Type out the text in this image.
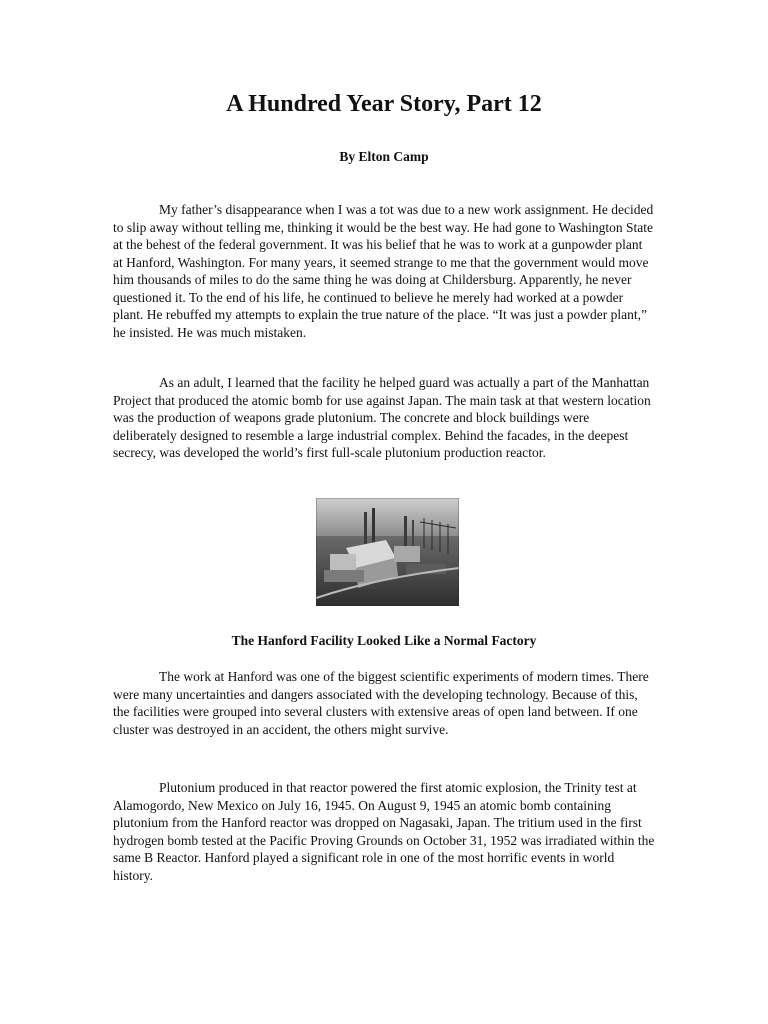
A Hundred Year Story, Part 12
By Elton Camp

My father’s disappearance when I was a tot was due to a new work assignment. He decided to slip away without telling me, thinking it would be the best way. He had gone to Washington State at the behest of the federal government. It was his belief that he was to work at a gunpowder plant at Hanford, Washington. For many years, it seemed strange to me that the government would move him thousands of miles to do the same thing he was doing at Childersburg. Apparently, he never questioned it. To the end of his life, he continued to believe he merely had worked at a powder plant. He rebuffed my attempts to explain the true nature of the place. “It was just a powder plant,” he insisted. He was much mistaken.

As an adult, I learned that the facility he helped guard was actually a part of the Manhattan Project that produced the atomic bomb for use against Japan. The main task at that western location was the production of weapons grade plutonium. The concrete and block buildings were deliberately designed to resemble a large industrial complex. Behind the facades, in the deepest secrecy, was developed the world’s first full-scale plutonium production reactor.

The Hanford Facility Looked Like a Normal Factory

The work at Hanford was one of the biggest scientific experiments of modern times. There were many uncertainties and dangers associated with the developing technology. Because of this, the facilities were grouped into several clusters with extensive areas of open land between. If one cluster was destroyed in an accident, the others might survive.

Plutonium produced in that reactor powered the first atomic explosion, the Trinity test at Alamogordo, New Mexico on July 16, 1945. On August 9, 1945 an atomic bomb containing plutonium from the Hanford reactor was dropped on Nagasaki, Japan. The tritium used in the first hydrogen bomb tested at the Pacific Proving Grounds on October 31, 1952 was irradiated within the same B Reactor. Hanford played a significant role in one of the most horrific events in world history.
